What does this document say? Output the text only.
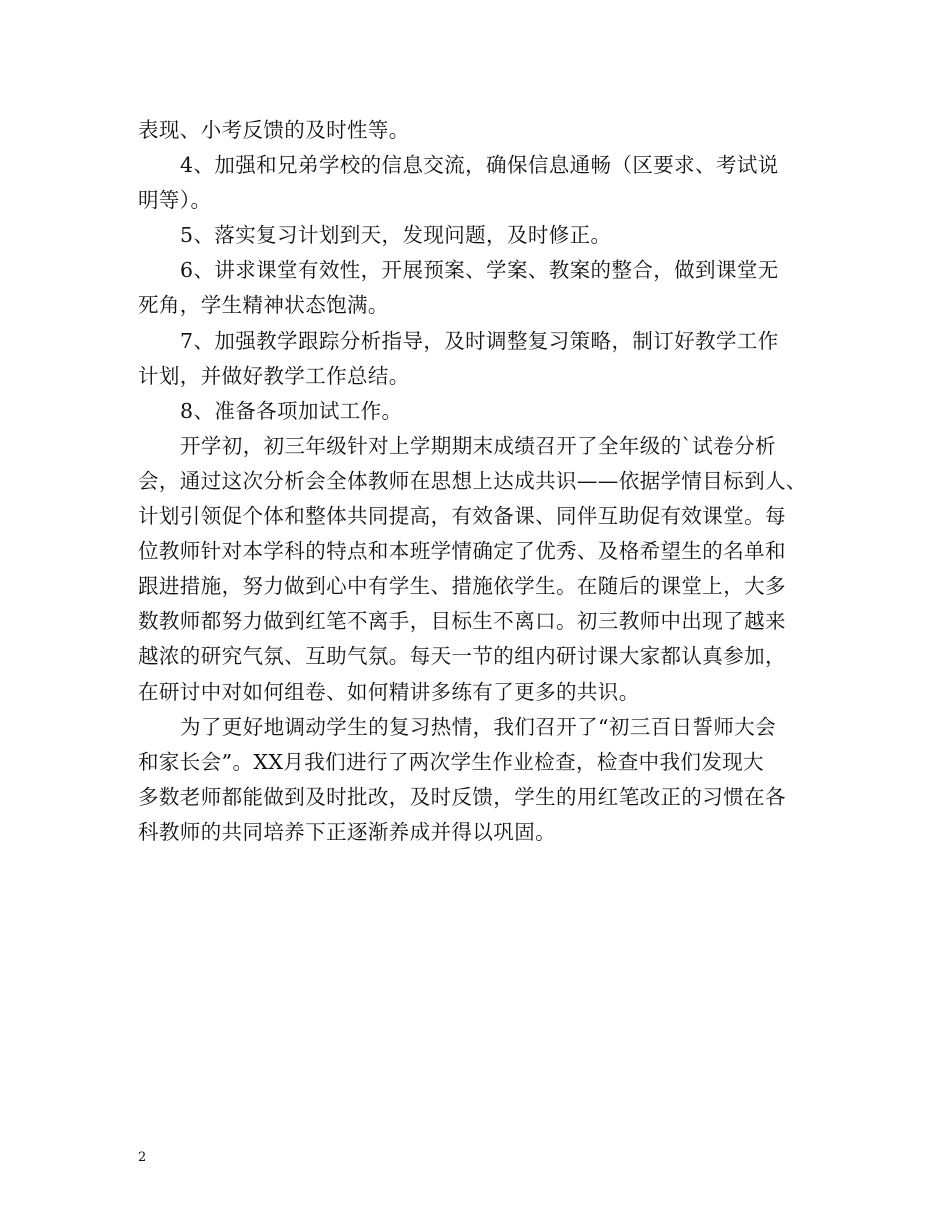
表现、小考反馈的及时性等。
4、加强和兄弟学校的信息交流，确保信息通畅（区要求、考试说
明等）。
5、落实复习计划到天，发现问题，及时修正。
6、讲求课堂有效性，开展预案、学案、教案的整合，做到课堂无
死角，学生精神状态饱满。
7、加强教学跟踪分析指导，及时调整复习策略，制订好教学工作
计划，并做好教学工作总结。
8、准备各项加试工作。
开学初，初三年级针对上学期期末成绩召开了全年级的`试卷分析
会，通过这次分析会全体教师在思想上达成共识——依据学情目标到人、
计划引领促个体和整体共同提高，有效备课、同伴互助促有效课堂。每
位教师针对本学科的特点和本班学情确定了优秀、及格希望生的名单和
跟进措施，努力做到心中有学生、措施依学生。在随后的课堂上，大多
数教师都努力做到红笔不离手，目标生不离口。初三教师中出现了越来
越浓的研究气氛、互助气氛。每天一节的组内研讨课大家都认真参加，
在研讨中对如何组卷、如何精讲多练有了更多的共识。
为了更好地调动学生的复习热情，我们召开了“初三百日誓师大会
和家长会”。XX月我们进行了两次学生作业检查，检查中我们发现大
多数老师都能做到及时批改，及时反馈，学生的用红笔改正的习惯在各
科教师的共同培养下正逐渐养成并得以巩固。
2
